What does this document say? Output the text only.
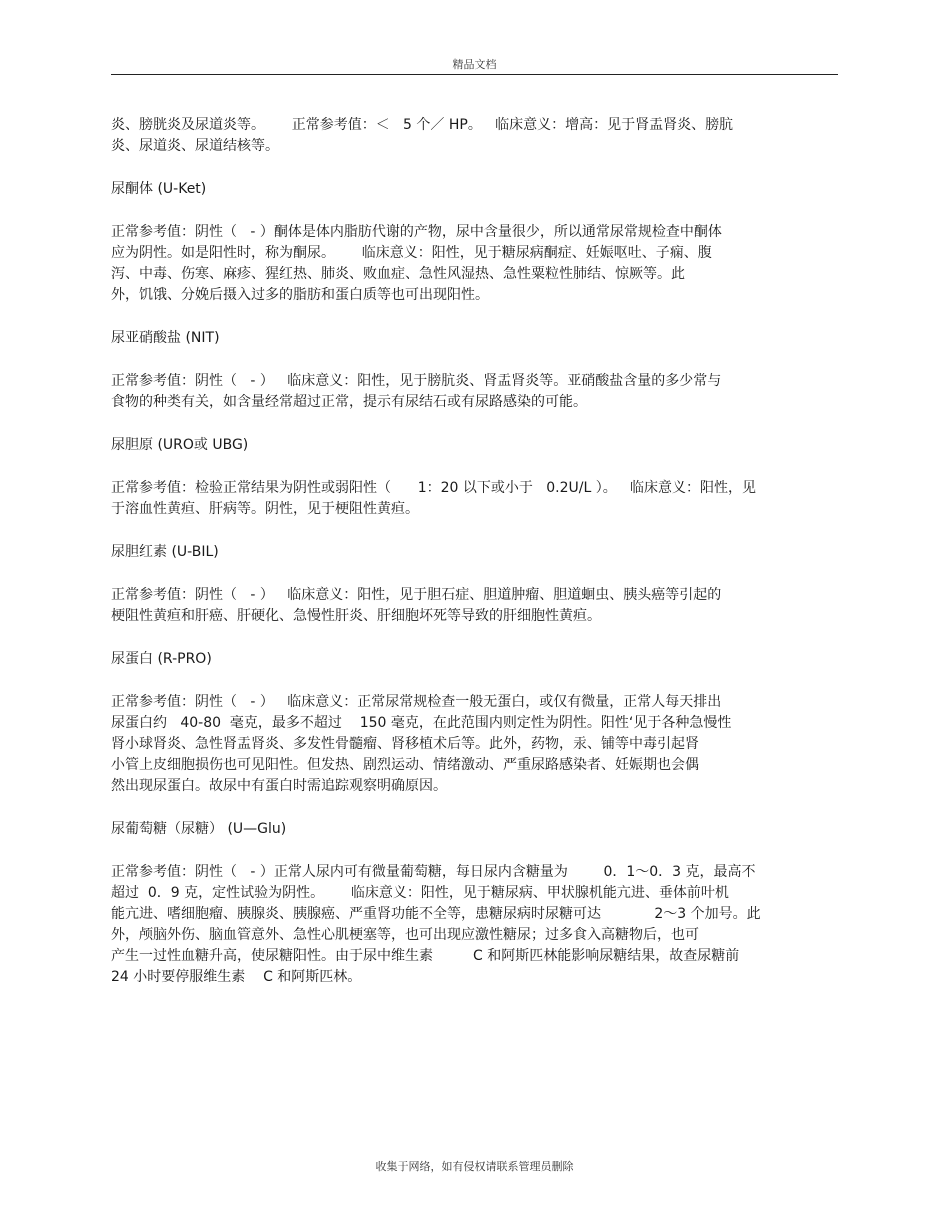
精品文档
炎、膀胱炎及尿道炎等。      正常参考值：＜   5 个／ HP。   临床意义：增高：见于肾盂肾炎、膀肮
炎、尿道炎、尿道结核等。
尿酮体 (U-Ket)
正常参考值：阴性（   - ）酮体是体内脂肪代谢的产物，尿中含量很少，所以通常尿常规检查中酮体
应为阴性。如是阳性时，称为酮尿。      临床意义：阳性，见于糖尿病酮症、妊娠呕吐、子痫、腹
泻、中毒、伤寒、麻疹、猩红热、肺炎、败血症、急性风湿热、急性粟粒性肺结、惊厥等。此
外，饥饿、分娩后摄入过多的脂肪和蛋白质等也可出现阳性。
尿亚硝酸盐 (NIT)
正常参考值：阴性（   - ）   临床意义：阳性，见于膀肮炎、肾盂肾炎等。亚硝酸盐含量的多少常与
食物的种类有关，如含量经常超过正常，提示有尿结石或有尿路感染的可能。
尿胆原 (URO或 UBG)
正常参考值：检验正常结果为阴性或弱阳性（      1：20 以下或小于   0.2U/L ）。   临床意义：阳性，见
于溶血性黄疸、肝病等。阴性，见于梗阻性黄疸。
尿胆红素 (U-BIL)
正常参考值：阴性（   - ）   临床意义：阳性，见于胆石症、胆道肿瘤、胆道蛔虫、胰头癌等引起的
梗阻性黄疸和肝癌、肝硬化、急慢性肝炎、肝细胞坏死等导致的肝细胞性黄疸。
尿蛋白 (R-PRO)
正常参考值：阴性（   - ）   临床意义：正常尿常规检查一般无蛋白，或仅有微量，正常人每天排出
尿蛋白约   40-80  毫克，最多不超过    150 毫克，在此范围内则定性为阴性。阳性‘见于各种急慢性
肾小球肾炎、急性肾盂肾炎、多发性骨髓瘤、肾移植术后等。此外，药物，汞、铺等中毒引起肾
小管上皮细胞损伤也可见阳性。但发热、剧烈运动、情绪激动、严重尿路感染者、妊娠期也会偶
然出现尿蛋白。故尿中有蛋白时需追踪观察明确原因。
尿葡萄糖（尿糖） (U—Glu)
正常参考值：阴性（   - ）正常人尿内可有微量葡萄糖，每日尿内含糖量为        0．1～0．3 克，最高不
超过  0．9 克，定性试验为阴性。      临床意义：阳性，见于糖尿病、甲状腺机能亢进、垂体前叶机
能亢进、嗜细胞瘤、胰腺炎、胰腺癌、严重肾功能不全等，患糖尿病时尿糖可达            2～3 个加号。此
外，颅脑外伤、脑血管意外、急性心肌梗塞等，也可出现应激性糖尿；过多食入高糖物后，也可
产生一过性血糖升高，使尿糖阳性。由于尿中维生素         C 和阿斯匹林能影响尿糖结果，故查尿糖前
24 小时要停服维生素    C 和阿斯匹林。
收集于网络，如有侵权请联系管理员删除
